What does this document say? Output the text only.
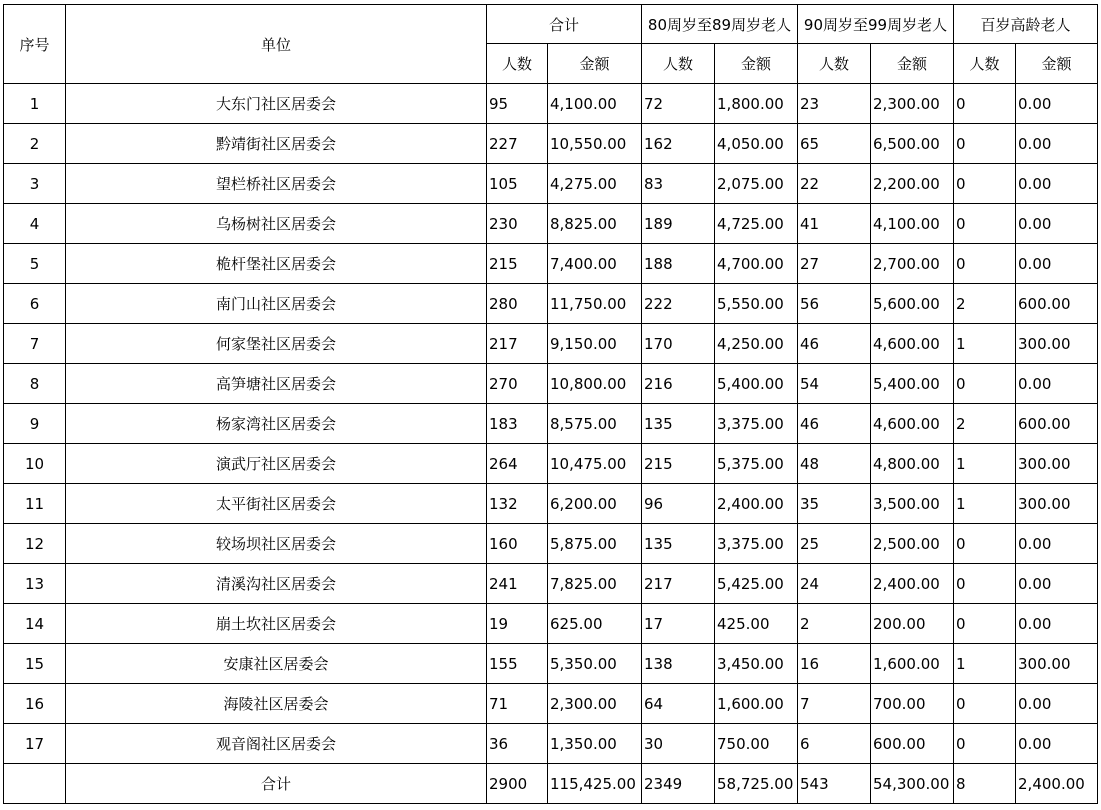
序号	单位	合计		80周岁至89周岁老人		90周岁至99周岁老人		百岁高龄老人	
		人数	金额	人数	金额	人数	金额	人数	金额
1	大东门社区居委会	95	4,100.00	72	1,800.00	23	2,300.00	0	0.00
2	黔靖街社区居委会	227	10,550.00	162	4,050.00	65	6,500.00	0	0.00
3	望栏桥社区居委会	105	4,275.00	83	2,075.00	22	2,200.00	0	0.00
4	乌杨树社区居委会	230	8,825.00	189	4,725.00	41	4,100.00	0	0.00
5	桅杆堡社区居委会	215	7,400.00	188	4,700.00	27	2,700.00	0	0.00
6	南门山社区居委会	280	11,750.00	222	5,550.00	56	5,600.00	2	600.00
7	何家堡社区居委会	217	9,150.00	170	4,250.00	46	4,600.00	1	300.00
8	高笋塘社区居委会	270	10,800.00	216	5,400.00	54	5,400.00	0	0.00
9	杨家湾社区居委会	183	8,575.00	135	3,375.00	46	4,600.00	2	600.00
10	演武厅社区居委会	264	10,475.00	215	5,375.00	48	4,800.00	1	300.00
11	太平街社区居委会	132	6,200.00	96	2,400.00	35	3,500.00	1	300.00
12	较场坝社区居委会	160	5,875.00	135	3,375.00	25	2,500.00	0	0.00
13	清溪沟社区居委会	241	7,825.00	217	5,425.00	24	2,400.00	0	0.00
14	崩土坎社区居委会	19	625.00	17	425.00	2	200.00	0	0.00
15	安康社区居委会	155	5,350.00	138	3,450.00	16	1,600.00	1	300.00
16	海陵社区居委会	71	2,300.00	64	1,600.00	7	700.00	0	0.00
17	观音阁社区居委会	36	1,350.00	30	750.00	6	600.00	0	0.00
	合计	2900	115,425.00	2349	58,725.00	543	54,300.00	8	2,400.00
